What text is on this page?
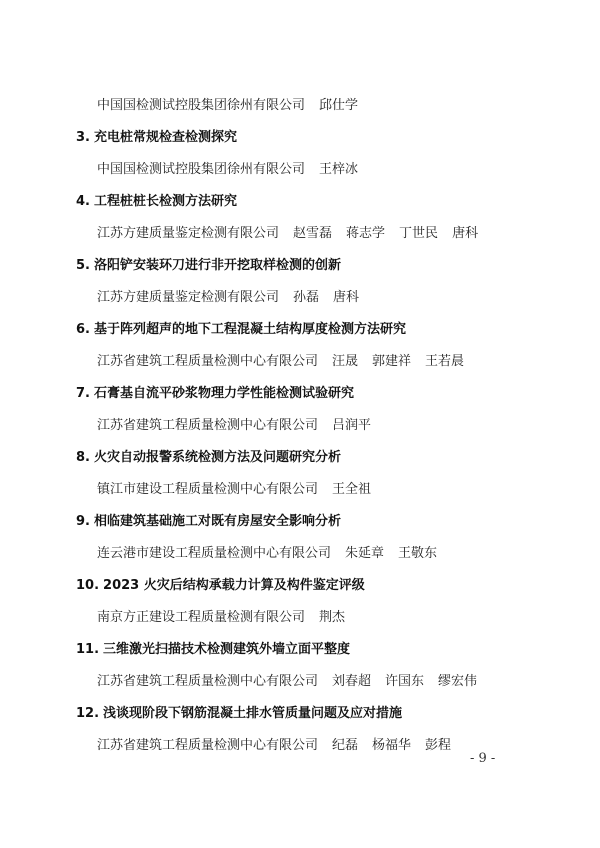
中国国检测试控股集团徐州有限公司 邱仕学
3. 充电桩常规检查检测探究
中国国检测试控股集团徐州有限公司 王梓冰
4. 工程桩桩长检测方法研究
江苏方建质量鉴定检测有限公司 赵雪磊 蒋志学 丁世民 唐科
5. 洛阳铲安装环刀进行非开挖取样检测的创新
江苏方建质量鉴定检测有限公司 孙磊 唐科
6. 基于阵列超声的地下工程混凝土结构厚度检测方法研究
江苏省建筑工程质量检测中心有限公司 汪晟 郭建祥 王若晨
7. 石膏基自流平砂浆物理力学性能检测试验研究
江苏省建筑工程质量检测中心有限公司 吕润平
8. 火灾自动报警系统检测方法及问题研究分析
镇江市建设工程质量检测中心有限公司 王全祖
9. 相临建筑基础施工对既有房屋安全影响分析
连云港市建设工程质量检测中心有限公司 朱延章 王敬东
10. 2023 火灾后结构承载力计算及构件鉴定评级
南京方正建设工程质量检测有限公司 荆杰
11. 三维激光扫描技术检测建筑外墙立面平整度
江苏省建筑工程质量检测中心有限公司 刘春超 许国东 缪宏伟
12. 浅谈现阶段下钢筋混凝土排水管质量问题及应对措施
江苏省建筑工程质量检测中心有限公司 纪磊 杨福华 彭程
- 9 -
